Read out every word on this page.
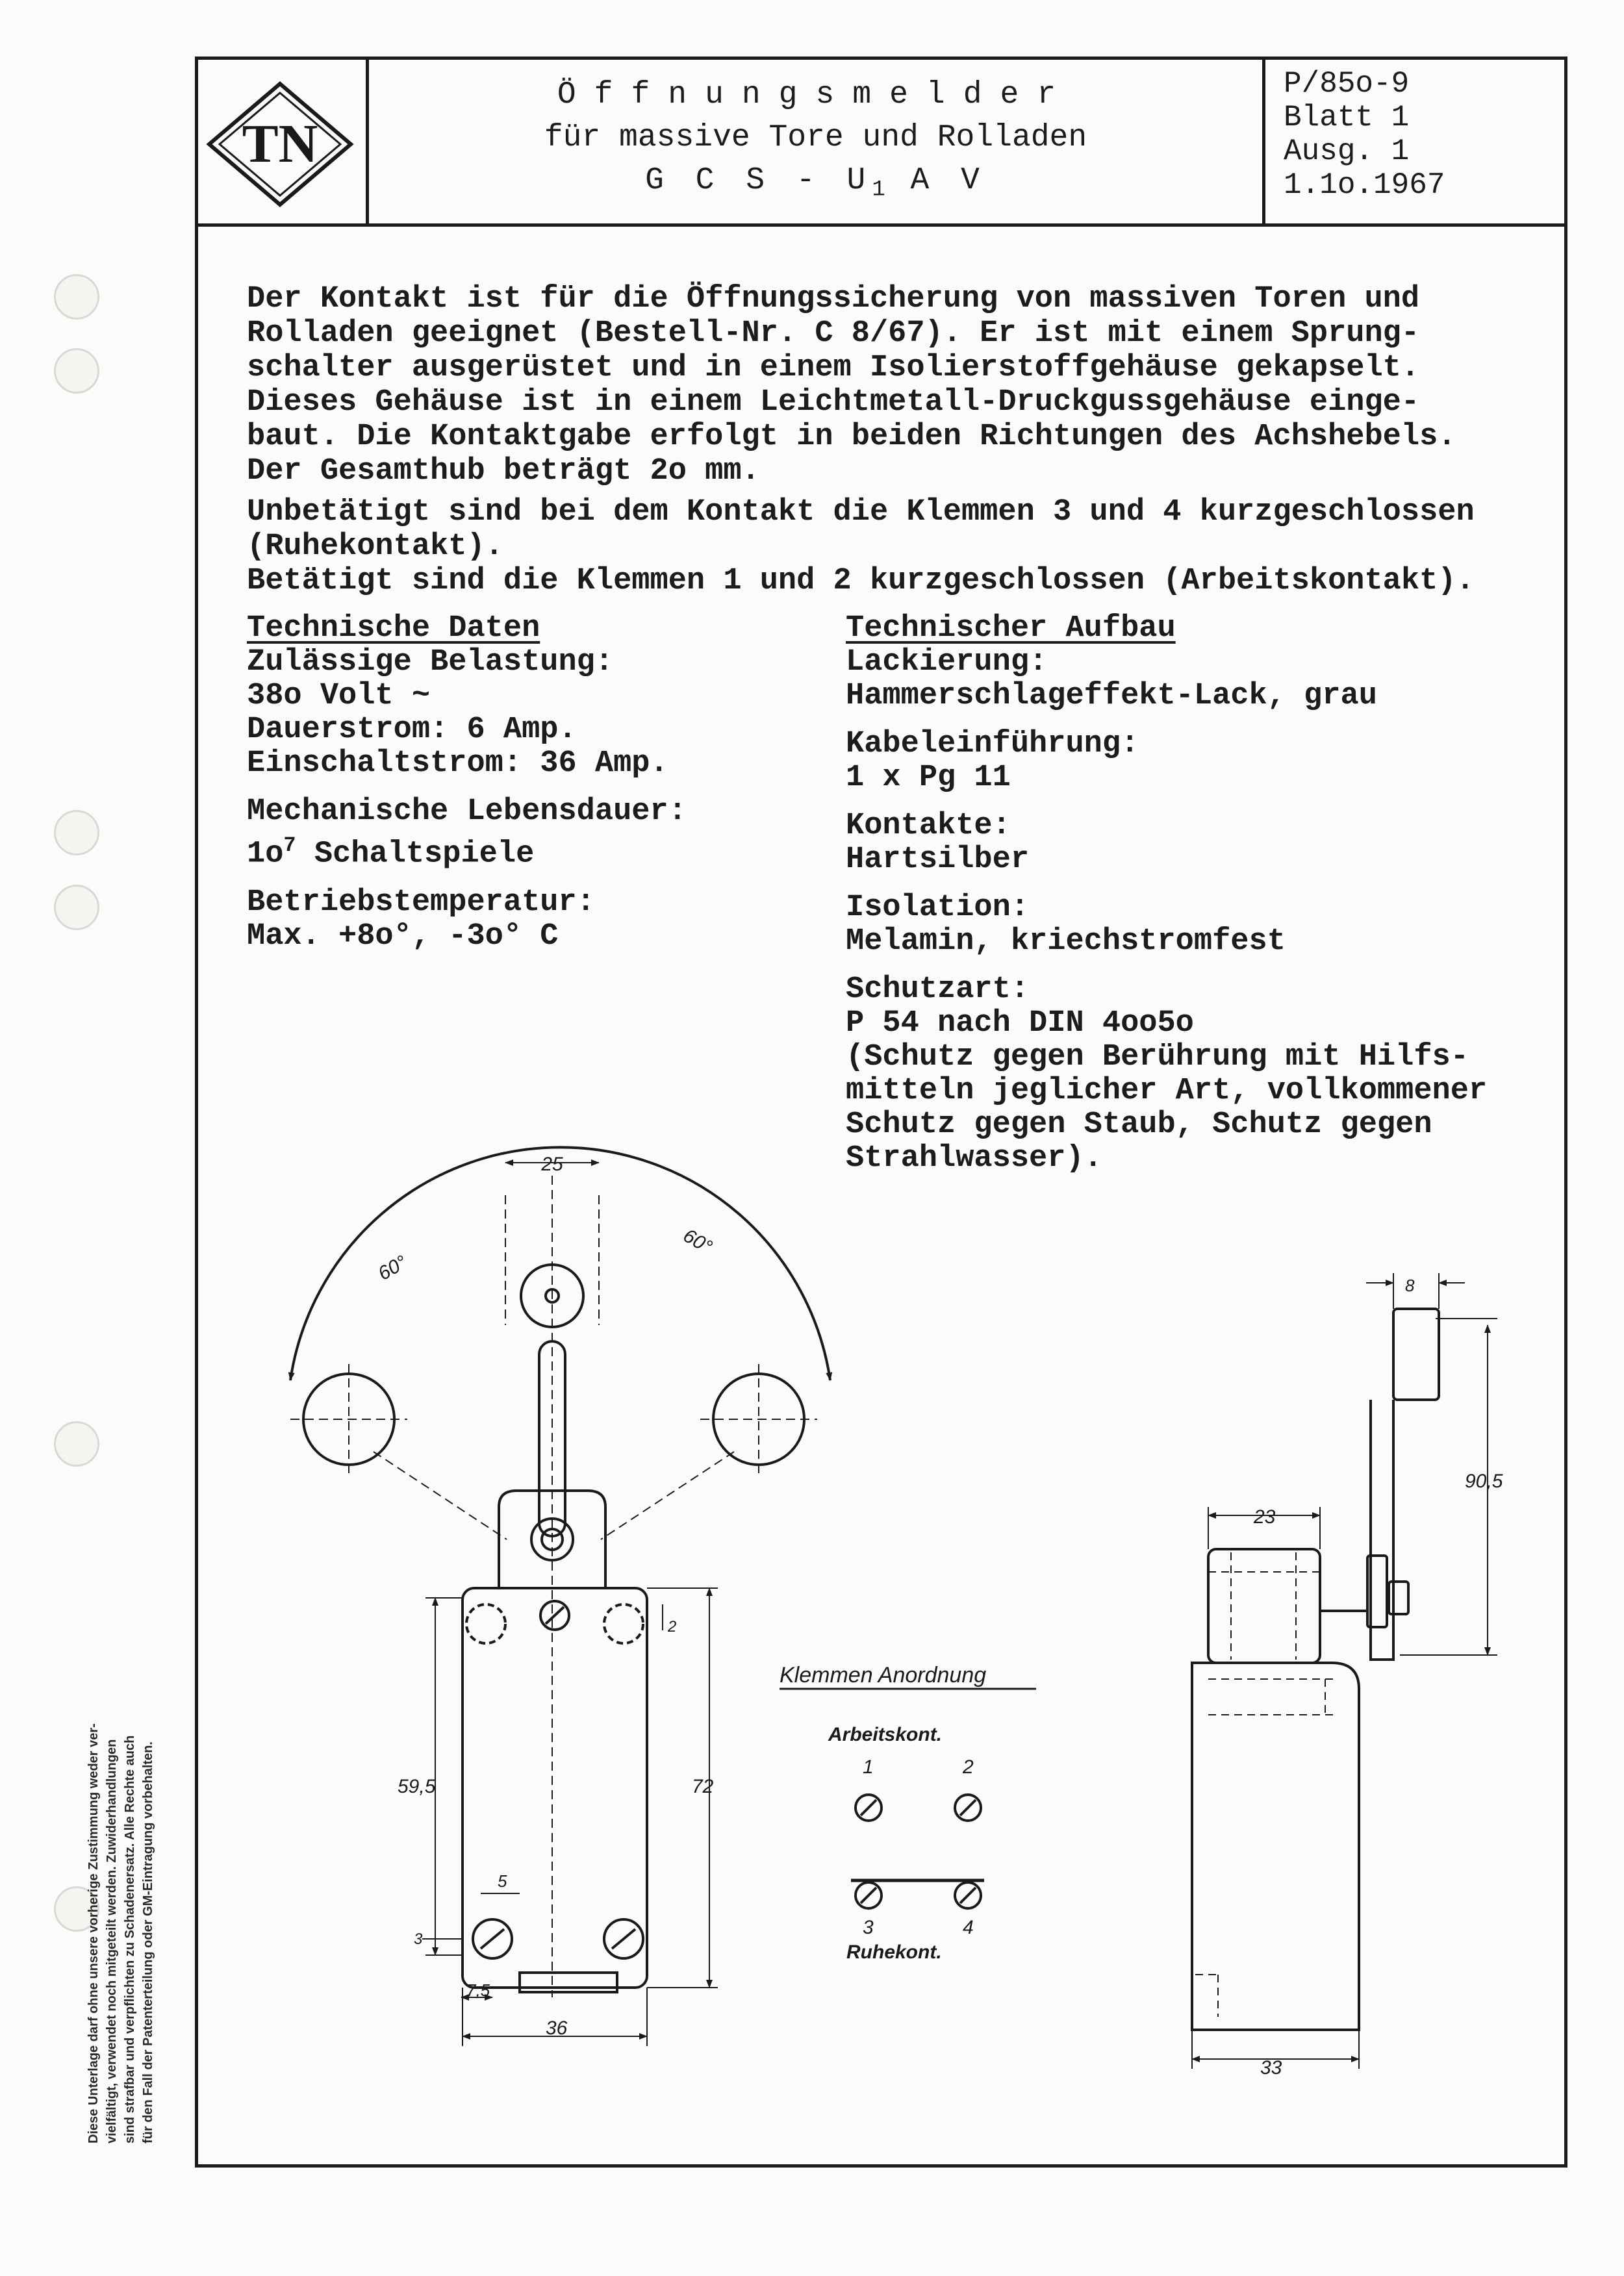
TN
Öffnungsmelder
für massive Tore und Rolladen
G C S - $U_1$ A V
P/85o-9
Blatt 1
Ausg. 1
1.1o.1967
Der Kontakt ist für die Öffnungssicherung von massiven Toren und
Rolladen geeignet (Bestell-Nr. C 8/67). Er ist mit einem Sprung-
schalter ausgerüstet und in einem Isolierstoffgehäuse gekapselt.
Dieses Gehäuse ist in einem Leichtmetall-Druckgussgehäuse einge-
baut. Die Kontaktgabe erfolgt in beiden Richtungen des Achshebels.
Der Gesamthub beträgt 2o mm.
Unbetätigt sind bei dem Kontakt die Klemmen 3 und 4 kurzgeschlossen
(Ruhekontakt).
Betätigt sind die Klemmen 1 und 2 kurzgeschlossen (Arbeitskontakt).
Technische Daten
Zulässige Belastung:
38o Volt ~
Dauerstrom: 6 Amp.
Einschaltstrom: 36 Amp.
Mechanische Lebensdauer:
$1o^7$ Schaltspiele
Betriebstemperatur:
Max. +8o°, -3o° C
Technischer Aufbau
Lackierung:
Hammerschlageffekt-Lack, grau
Kabeleinführung:
1 x Pg 11
Kontakte:
Hartsilber
Isolation:
Melamin, kriechstromfest
Schutzart:
P 54 nach DIN 4oo5o
(Schutz gegen Berührung mit Hilfs-
mitteln jeglicher Art, vollkommener
Schutz gegen Staub, Schutz gegen
Strahlwasser).
25
60°
60°
59,5	72
2
5
3
7,5
36
Klemmen Anordnung
Arbeitskont.
1	2
3	4
Ruhekont.
8
90,5
23
33
Diese Unterlage darf ohne unsere vorherige Zustimmung weder ver- vielfältigt, verwendet noch mitgeteilt werden. Zuwiderhandlungen sind strafbar und verpflichten zu Schadenersatz. Alle Rechte auch für den Fall der Patenterteilung oder GM-Eintragung vorbehalten.
